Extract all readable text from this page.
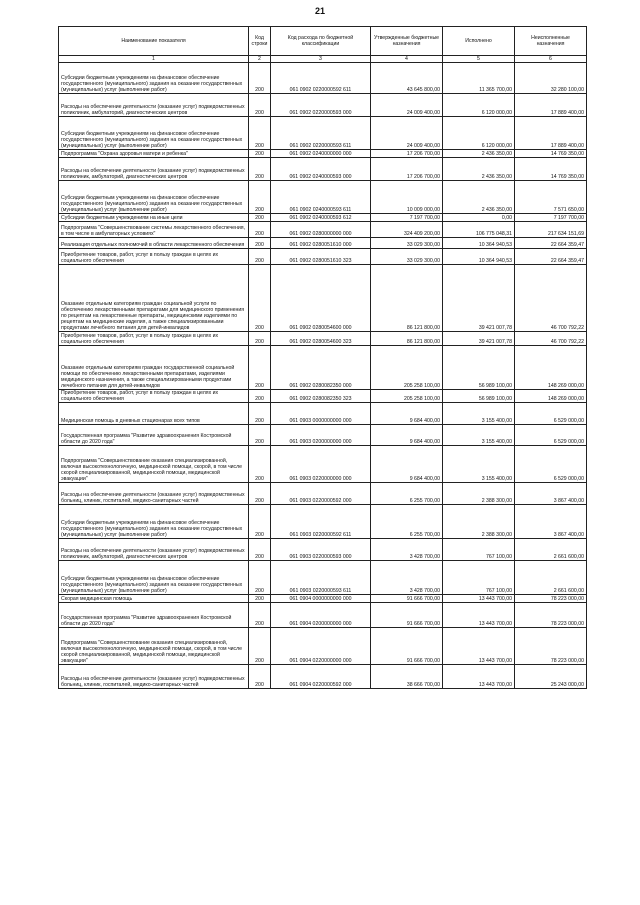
21
Наименование показателя	Код строки	Код расхода по бюджетной классификации	Утвержденные бюджетные назначения	Исполнено	Неисполненные назначения
1	2	3	4	5	6
Субсидии бюджетным учреждениям на финансовое обеспечение государственного (муниципального) задания на оказание государственных (муниципальных) услуг (выполнение работ)	200	061 0902 0220000592 611	43 645 800,00	11 365 700,00	32 280 100,00
Расходы на обеспечение деятельности (оказание услуг) подведомственных поликлиник, амбулаторий, диагностических центров	200	061 0902 0220000593 000	24 009 400,00	6 120 000,00	17 889 400,00
Субсидии бюджетным учреждениям на финансовое обеспечение государственного (муниципального) задания на оказание государственных (муниципальных) услуг (выполнение работ)	200	061 0902 0220000593 611	24 009 400,00	6 120 000,00	17 889 400,00
Подпрограмма "Охрана здоровья матери и ребенка"	200	061 0902 0240000000 000	17 206 700,00	2 436 350,00	14 769 350,00
Расходы на обеспечение деятельности (оказание услуг) подведомственных поликлиник, амбулаторий, диагностических центров	200	061 0902 0240000593 000	17 206 700,00	2 436 350,00	14 769 350,00
Субсидии бюджетным учреждениям на финансовое обеспечение государственного (муниципального) задания на оказание государственных (муниципальных) услуг (выполнение работ)	200	061 0902 0240000593 611	10 009 000,00	2 436 350,00	7 571 650,00
Субсидии бюджетным учреждениям на иные цели	200	061 0902 0240000593 612	7 197 700,00	0,00	7 197 700,00
Подпрограмма "Совершенствование системы лекарственного обеспечения, в том числе в амбулаторных условиях"	200	061 0902 0280000000 000	324 409 200,00	106 775 048,31	217 634 151,69
Реализация отдельных полномочий в области лекарственного обеспечения	200	061 0902 0280051610 000	33 029 300,00	10 364 940,53	22 664 359,47
Приобретение товаров, работ, услуг в пользу граждан в целях их социального обеспечения	200	061 0902 0280051610 323	33 029 300,00	10 364 940,53	22 664 359,47
Оказание отдельным категориям граждан социальной услуги по обеспечению лекарственными препаратами для медицинского применения по рецептам на лекарственные препараты, медицинскими изделиями по рецептам на медицинские изделия, а также специализированными продуктами лечебного питания для детей-инвалидов	200	061 0902 0280054600 000	86 121 800,00	39 421 007,78	46 700 792,22
Приобретение товаров, работ, услуг в пользу граждан в целях их социального обеспечения	200	061 0902 0280054600 323	86 121 800,00	39 421 007,78	46 700 792,22
Оказание отдельным категориям граждан государственной социальной помощи по обеспечению лекарственными препаратами, изделиями медицинского назначения, а также специализированными продуктами лечебного питания для детей-инвалидов	200	061 0902 0280082350 000	205 258 100,00	56 989 100,00	148 269 000,00
Приобретение товаров, работ, услуг в пользу граждан в целях их социального обеспечения	200	061 0902 0280082350 323	205 258 100,00	56 989 100,00	148 269 000,00
Медицинская помощь в дневных стационарах всех типов	200	061 0903 0000000000 000	9 684 400,00	3 155 400,00	6 529 000,00
Государственная программа "Развитие здравоохранения Костромской области до 2020 года"	200	061 0903 0200000000 000	9 684 400,00	3 155 400,00	6 529 000,00
Подпрограмма "Совершенствование оказания специализированной, включая высокотехнологичную, медицинской помощи, скорой, в том числе скорой специализированной, медицинской помощи, медицинской эвакуации"	200	061 0903 0220000000 000	9 684 400,00	3 155 400,00	6 529 000,00
Расходы на обеспечение деятельности (оказание услуг) подведомственных больниц, клиник, госпиталей, медико-санитарных частей	200	061 0903 0220000592 000	6 255 700,00	2 388 300,00	3 867 400,00
Субсидии бюджетным учреждениям на финансовое обеспечение государственного (муниципального) задания на оказание государственных (муниципальных) услуг (выполнение работ)	200	061 0903 0220000592 611	6 255 700,00	2 388 300,00	3 867 400,00
Расходы на обеспечение деятельности (оказание услуг) подведомственных поликлиник, амбулаторий, диагностических центров	200	061 0903 0220000593 000	3 428 700,00	767 100,00	2 661 600,00
Субсидии бюджетным учреждениям на финансовое обеспечение государственного (муниципального) задания на оказание государственных (муниципальных) услуг (выполнение работ)	200	061 0903 0220000593 611	3 428 700,00	767 100,00	2 661 600,00
Скорая медицинская помощь	200	061 0904 0000000000 000	91 666 700,00	13 443 700,00	78 223 000,00
Государственная программа "Развитие здравоохранения Костромской области до 2020 года"	200	061 0904 0200000000 000	91 666 700,00	13 443 700,00	78 223 000,00
Подпрограмма "Совершенствование оказания специализированной, включая высокотехнологичную, медицинской помощи, скорой, в том числе скорой специализированной, медицинской помощи, медицинской эвакуации"	200	061 0904 0220000000 000	91 666 700,00	13 443 700,00	78 223 000,00
Расходы на обеспечение деятельности (оказание услуг) подведомственных больниц, клиник, госпиталей, медико-санитарных частей	200	061 0904 0220000592 000	38 666 700,00	13 443 700,00	25 243 000,00
